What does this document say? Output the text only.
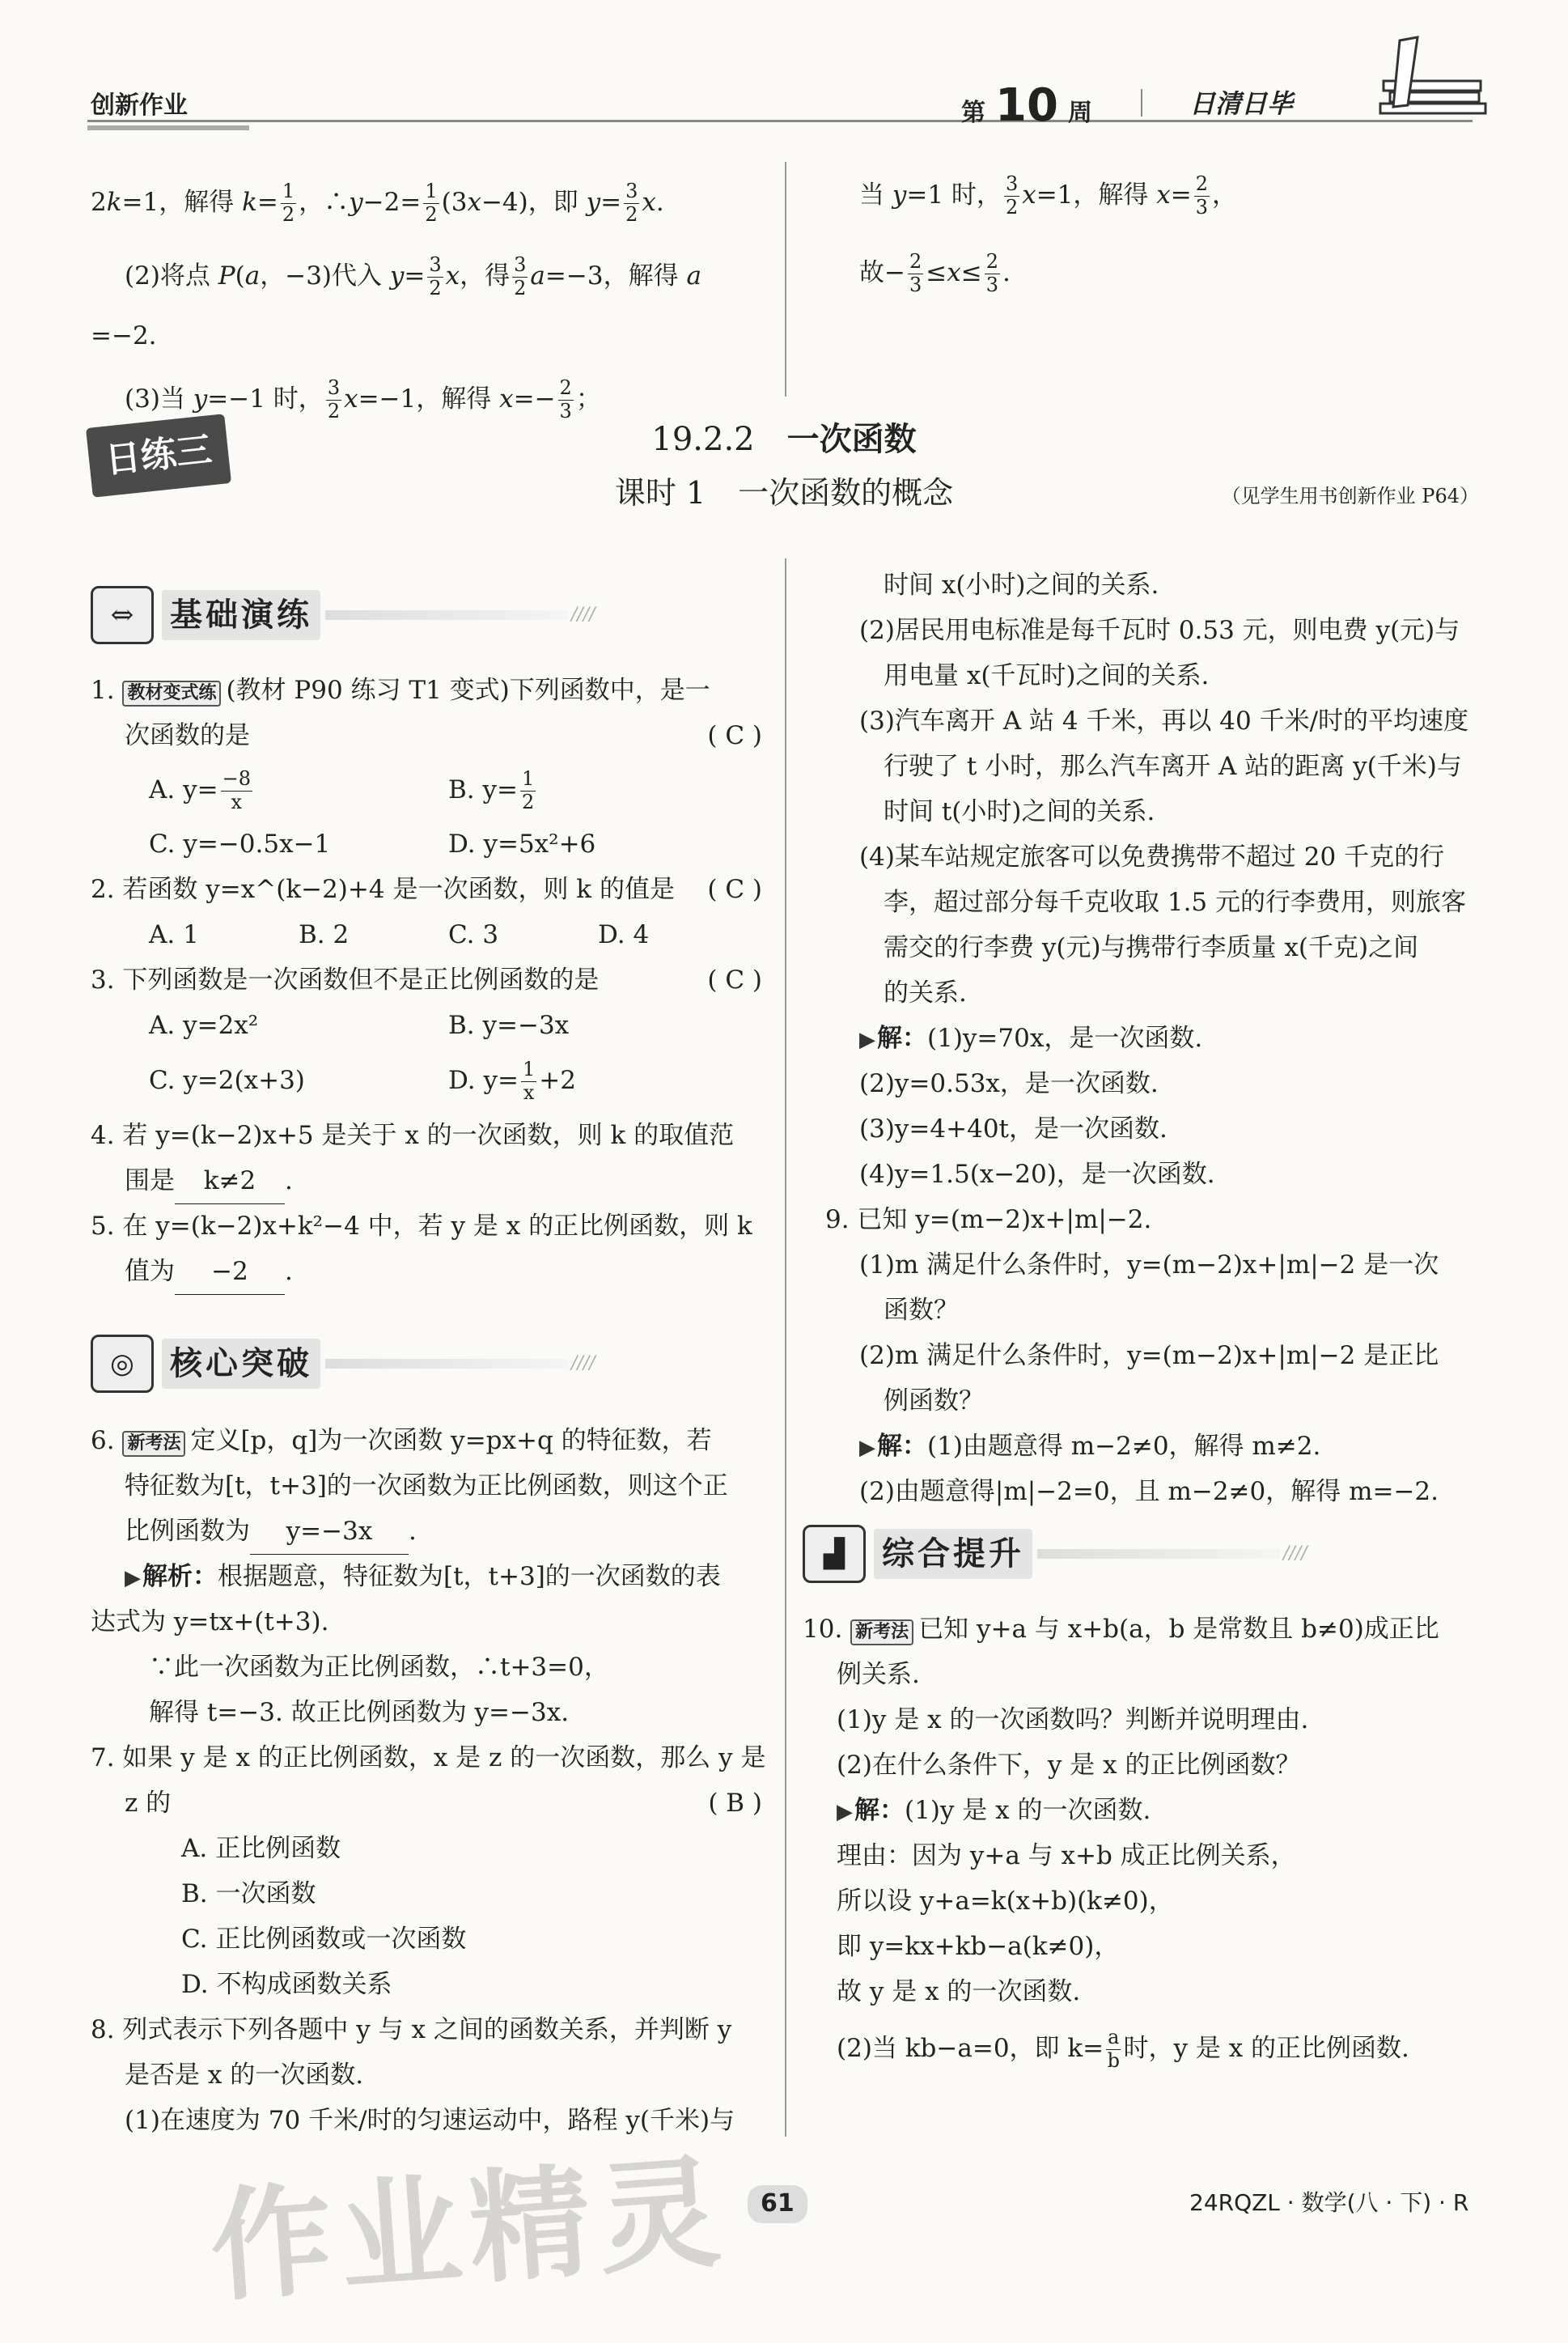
创新作业	第 10 周	日清日毕

2k=1，解得 $k= \frac{1}{2}$ ，∴y−2= $\frac{1}{2} (3x-4)$，即 $y= \frac{3}{2} x$.

(2)将点 P(a，−3)代入 $y= \frac{3}{2}$ x，得 $\frac{3}{2} a=-3$，解得 a

=−2.

(3)当 y=−1 时， $\frac{3}{2} x=-1$，解得 $x=- \frac{2}{3}$ ；

当 y=1 时， $\frac{3}{2} x=1$，解得 $x= \frac{2}{3}$ ，

故− $\frac{2}{3} \le x\le \frac{2}{3}$ .

日练三	19.2.2 一次函数
课时 1 一次函数的概念	（见学生用书创新作业 P64）
⇔	基础演练	////

1. 教材变式练 (教材 P90 练习 T1 变式)下列函数中，是一

次函数的是	( C )

A. $y= \frac{-8}{x}$	B. $y= \frac{1}{2}$

C. y=−0.5x−1	D. y=5x²+6

2. 若函数 y=x^(k−2)+4 是一次函数，则 k 的值是 ( C )

A. 1	B. 2	C. 3	D. 4

3. 下列函数是一次函数但不是正比例函数的是	( C )

A. y=2x²	B. y=−3x

C. y=2(x+3)	D. $y= \frac{1}{x} +2$

4. 若 y=(k−2)x+5 是关于 x 的一次函数，则 k 的取值范

围是 k≠2 .

5. 在 y=(k−2)x+k²−4 中，若 y 是 x 的正比例函数，则 k

值为 −2 .

◎	核心突破	////

6. 新考法 定义[p，q]为一次函数 y=px+q 的特征数，若

特征数为[t，t+3]的一次函数为正比例函数，则这个正

比例函数为 y=−3x .

▶解析：根据题意，特征数为[t，t+3]的一次函数的表

达式为 y=tx+(t+3).

∵此一次函数为正比例函数，∴t+3=0，

解得 t=−3. 故正比例函数为 y=−3x.

7. 如果 y 是 x 的正比例函数，x 是 z 的一次函数，那么 y 是

z 的	( B )

A. 正比例函数

B. 一次函数

C. 正比例函数或一次函数

D. 不构成函数关系

8. 列式表示下列各题中 y 与 x 之间的函数关系，并判断 y

是否是 x 的一次函数.

(1)在速度为 70 千米/时的匀速运动中，路程 y(千米)与

时间 x(小时)之间的关系.

(2)居民用电标准是每千瓦时 0.53 元，则电费 y(元)与

用电量 x(千瓦时)之间的关系.

(3)汽车离开 A 站 4 千米，再以 40 千米/时的平均速度

行驶了 t 小时，那么汽车离开 A 站的距离 y(千米)与

时间 t(小时)之间的关系.

(4)某车站规定旅客可以免费携带不超过 20 千克的行

李，超过部分每千克收取 1.5 元的行李费用，则旅客

需交的行李费 y(元)与携带行李质量 x(千克)之间

的关系.

▶解：(1)y=70x，是一次函数.

(2)y=0.53x，是一次函数.

(3)y=4+40t，是一次函数.

(4)y=1.5(x−20)，是一次函数.

9. 已知 y=(m−2)x+|m|−2.

(1)m 满足什么条件时，y=(m−2)x+|m|−2 是一次

函数？

(2)m 满足什么条件时，y=(m−2)x+|m|−2 是正比

例函数？

▶解：(1)由题意得 m−2≠0，解得 m≠2.

(2)由题意得|m|−2=0，且 m−2≠0，解得 m=−2.

▟	综合提升	////

10. 新考法 已知 y+a 与 x+b(a，b 是常数且 b≠0)成正比

例关系.

(1)y 是 x 的一次函数吗？判断并说明理由.

(2)在什么条件下，y 是 x 的正比例函数？

▶解：(1)y 是 x 的一次函数.

理由：因为 y+a 与 x+b 成正比例关系，

所以设 y+a=k(x+b)(k≠0)，

即 y=kx+kb−a(k≠0)，

故 y 是 x 的一次函数.

(2)当 kb−a=0，即 $k= \frac{a}{b}$ 时，y 是 x 的正比例函数.

作业精灵	61	24RQZL · 数学(八 · 下) · R
